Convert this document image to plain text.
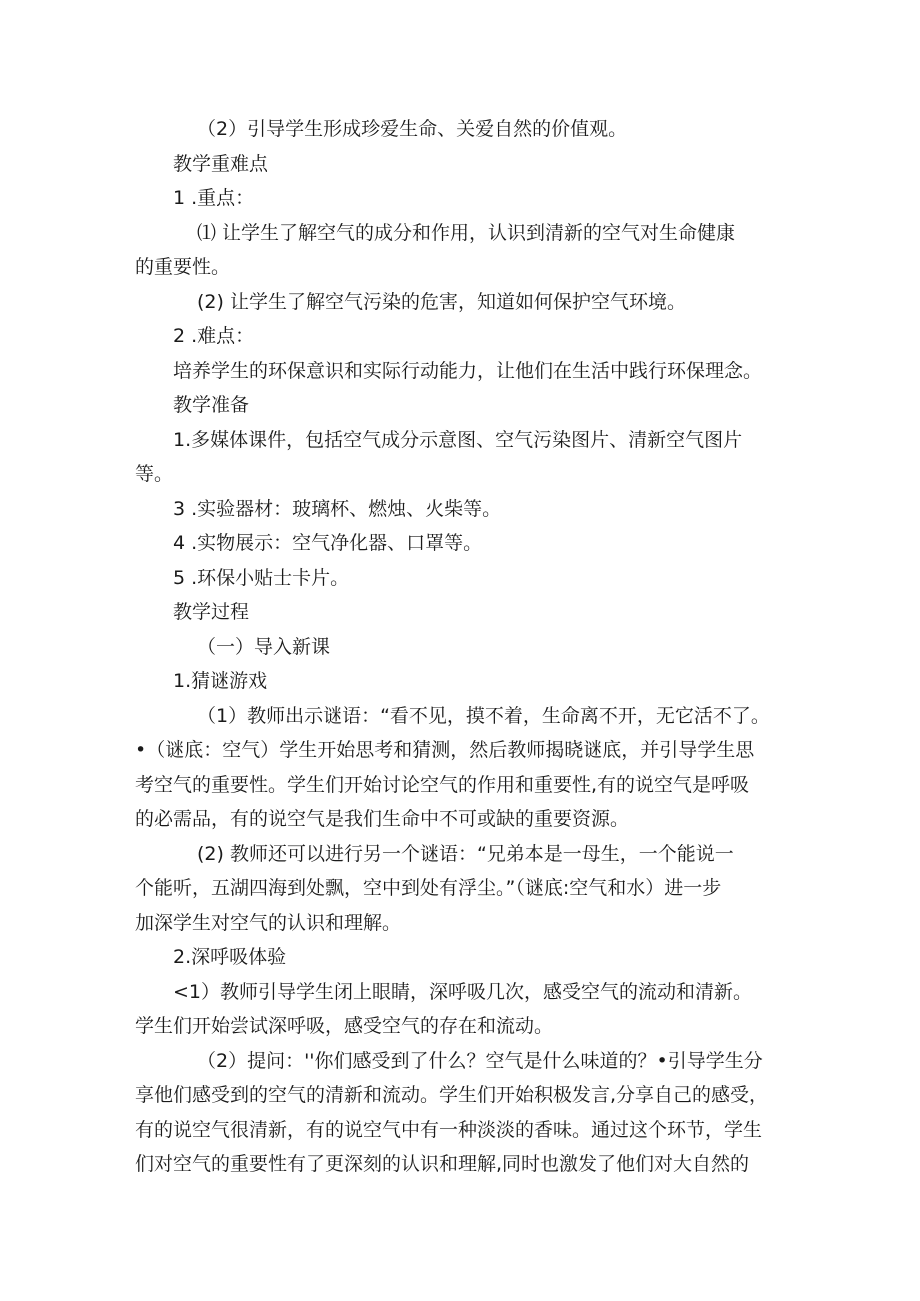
（2）引导学生形成珍爱生命、关爱自然的价值观。

教学重难点

1 .重点：

⑴ 让学生了解空气的成分和作用，认识到清新的空气对生命健康

的重要性。

(2) 让学生了解空气污染的危害，知道如何保护空气环境。

2 .难点：

培养学生的环保意识和实际行动能力，让他们在生活中践行环保理念。

教学准备

1.多媒体课件，包括空气成分示意图、空气污染图片、清新空气图片

等。

3 .实验器材：玻璃杯、燃烛、火柴等。

4 .实物展示：空气净化器、口罩等。

5 .环保小贴士卡片。

教学过程

（一）导入新课

1.猜谜游戏

（1）教师出示谜语：“看不见，摸不着，生命离不开，无它活不了。

•（谜底：空气）学生开始思考和猜测，然后教师揭晓谜底，并引导学生思

考空气的重要性。学生们开始讨论空气的作用和重要性,有的说空气是呼吸

的必需品，有的说空气是我们生命中不可或缺的重要资源。

(2) 教师还可以进行另一个谜语：“兄弟本是一母生，一个能说一

个能听，五湖四海到处飘，空中到处有浮尘。”（谜底:空气和水）进一步

加深学生对空气的认识和理解。

2.深呼吸体验

<1）教师引导学生闭上眼睛，深呼吸几次，感受空气的流动和清新。

学生们开始尝试深呼吸，感受空气的存在和流动。

（2）提问：''你们感受到了什么？空气是什么味道的？•引导学生分

享他们感受到的空气的清新和流动。学生们开始积极发言,分享自己的感受，

有的说空气很清新，有的说空气中有一种淡淡的香味。通过这个环节，学生

们对空气的重要性有了更深刻的认识和理解,同时也激发了他们对大自然的
